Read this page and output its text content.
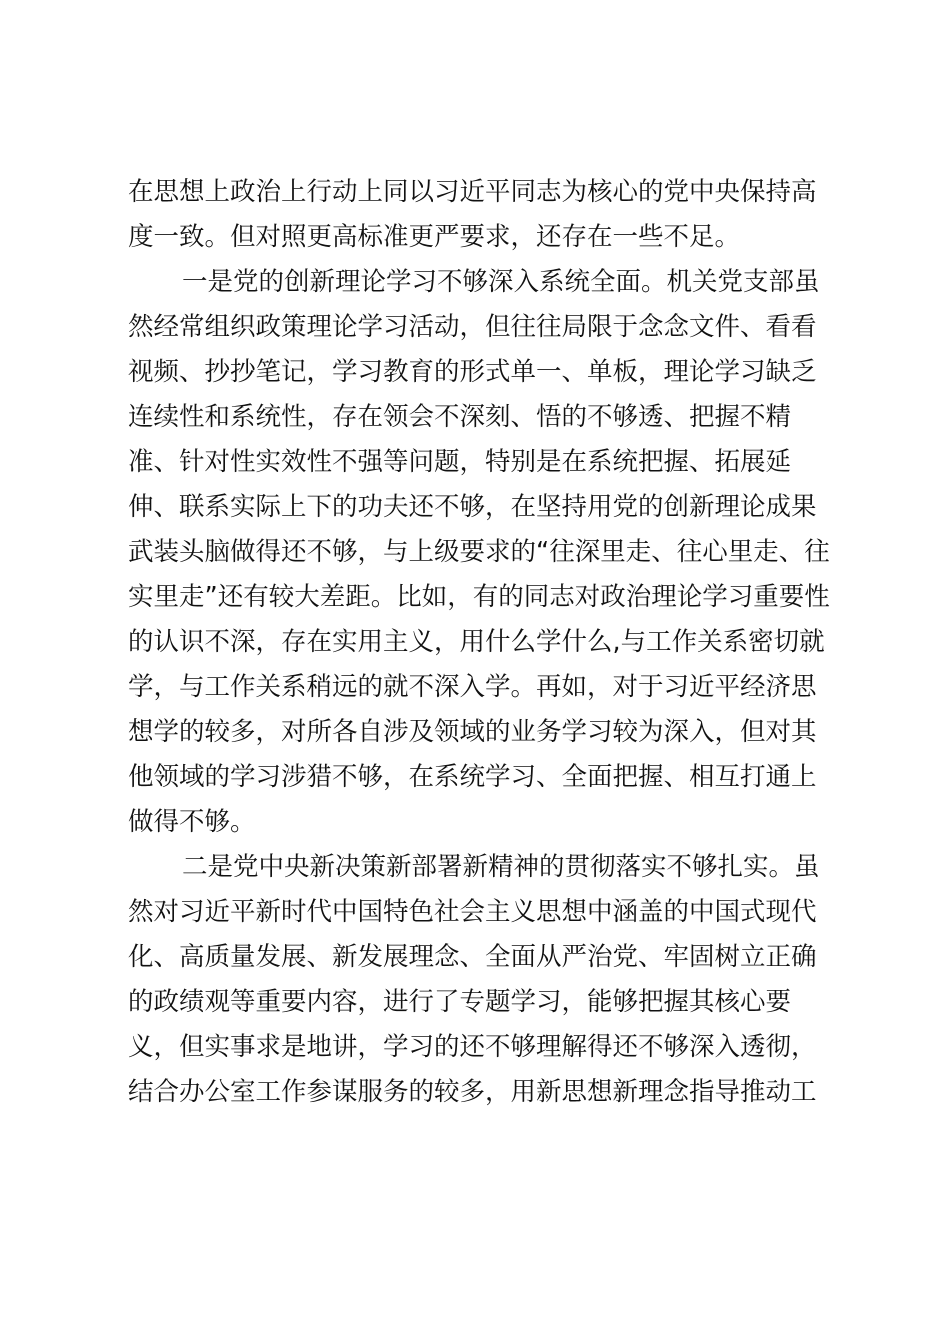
在思想上政治上行动上同以习近平同志为核心的党中央保持高
度一致。但对照更高标准更严要求，还存在一些不足。
一是党的创新理论学习不够深入系统全面。机关党支部虽
然经常组织政策理论学习活动，但往往局限于念念文件、看看
视频、抄抄笔记，学习教育的形式单一、单板，理论学习缺乏
连续性和系统性，存在领会不深刻、悟的不够透、把握不精
准、针对性实效性不强等问题，特别是在系统把握、拓展延
伸、联系实际上下的功夫还不够，在坚持用党的创新理论成果
武装头脑做得还不够，与上级要求的“往深里走、往心里走、往
实里走”还有较大差距。比如，有的同志对政治理论学习重要性
的认识不深，存在实用主义，用什么学什么,与工作关系密切就
学，与工作关系稍远的就不深入学。再如，对于习近平经济思
想学的较多，对所各自涉及领域的业务学习较为深入，但对其
他领域的学习涉猎不够，在系统学习、全面把握、相互打通上
做得不够。
二是党中央新决策新部署新精神的贯彻落实不够扎实。虽
然对习近平新时代中国特色社会主义思想中涵盖的中国式现代
化、高质量发展、新发展理念、全面从严治党、牢固树立正确
的政绩观等重要内容，进行了专题学习，能够把握其核心要
义，但实事求是地讲，学习的还不够理解得还不够深入透彻，
结合办公室工作参谋服务的较多，用新思想新理念指导推动工
